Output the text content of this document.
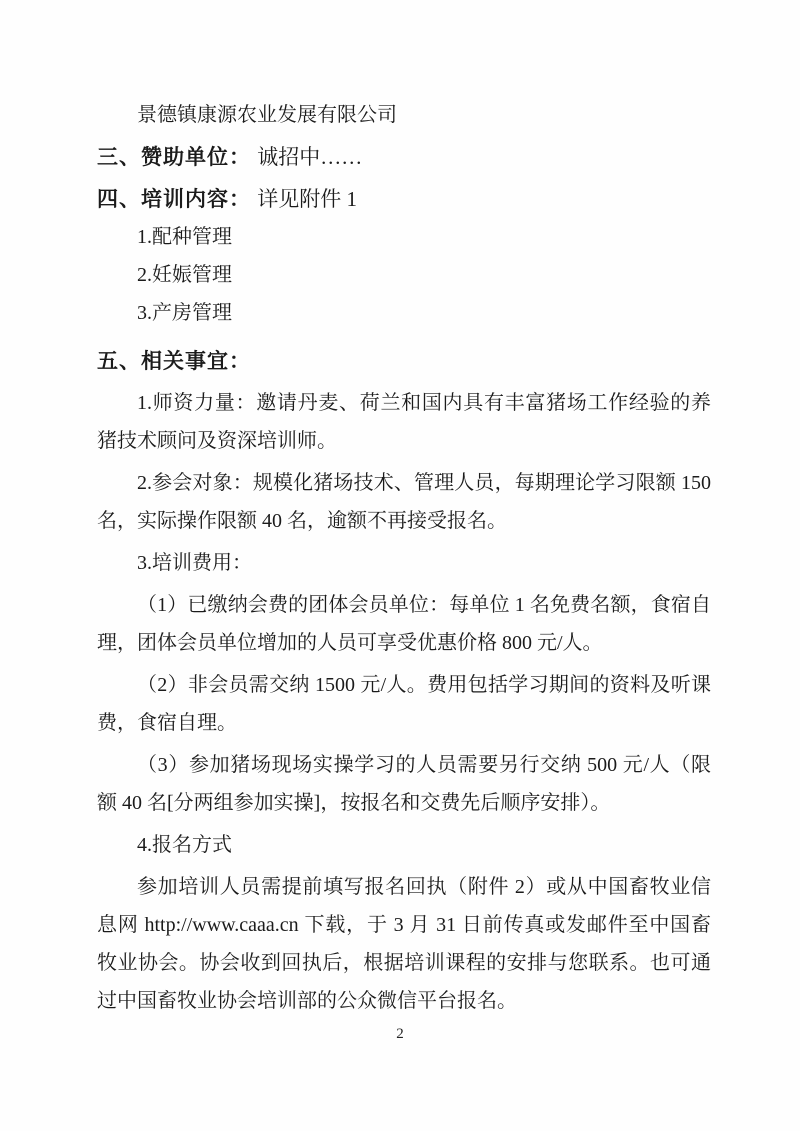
景德镇康源农业发展有限公司

三、赞助单位： 诚招中……

四、培训内容： 详见附件 1

1.配种管理

2.妊娠管理

3.产房管理

五、相关事宜：

1.师资力量：邀请丹麦、荷兰和国内具有丰富猪场工作经验的养猪技术顾问及资深培训师。

2.参会对象：规模化猪场技术、管理人员，每期理论学习限额 150 名，实际操作限额 40 名，逾额不再接受报名。

3.培训费用：

（1）已缴纳会费的团体会员单位：每单位 1 名免费名额，食宿自理，团体会员单位增加的人员可享受优惠价格 800 元/人。

（2）非会员需交纳 1500 元/人。费用包括学习期间的资料及听课费，食宿自理。

（3）参加猪场现场实操学习的人员需要另行交纳 500 元/人（限额 40 名[分两组参加实操]，按报名和交费先后顺序安排）。

4.报名方式

参加培训人员需提前填写报名回执（附件 2）或从中国畜牧业信息网 http://www.caaa.cn 下载，于 3 月 31 日前传真或发邮件至中国畜牧业协会。协会收到回执后，根据培训课程的安排与您联系。也可通过中国畜牧业协会培训部的公众微信平台报名。

2
